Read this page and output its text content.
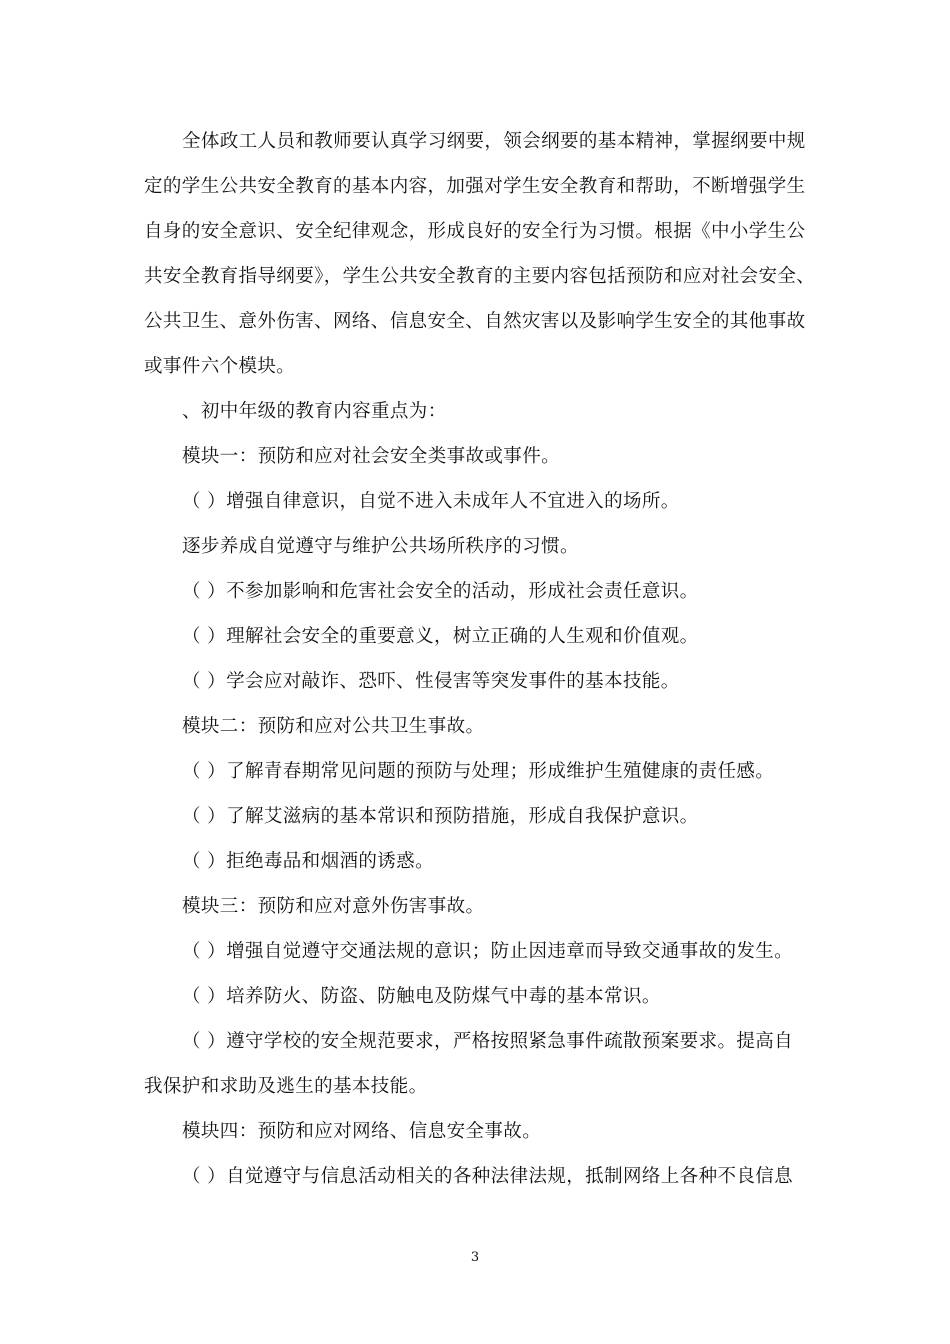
全体政工人员和教师要认真学习纲要，领会纲要的基本精神，掌握纲要中规
定的学生公共安全教育的基本内容，加强对学生安全教育和帮助，不断增强学生
自身的安全意识、安全纪律观念，形成良好的安全行为习惯。根据《中小学生公
共安全教育指导纲要》，学生公共安全教育的主要内容包括预防和应对社会安全、
公共卫生、意外伤害、网络、信息安全、自然灾害以及影响学生安全的其他事故
或事件六个模块。
、初中年级的教育内容重点为：
模块一：预防和应对社会安全类事故或事件。
（ ）增强自律意识，自觉不进入未成年人不宜进入的场所。
逐步养成自觉遵守与维护公共场所秩序的习惯。
（ ）不参加影响和危害社会安全的活动，形成社会责任意识。
（ ）理解社会安全的重要意义，树立正确的人生观和价值观。
（ ）学会应对敲诈、恐吓、性侵害等突发事件的基本技能。
模块二：预防和应对公共卫生事故。
（ ）了解青春期常见问题的预防与处理；形成维护生殖健康的责任感。
（ ）了解艾滋病的基本常识和预防措施，形成自我保护意识。
（ ）拒绝毒品和烟酒的诱惑。
模块三：预防和应对意外伤害事故。
（ ）增强自觉遵守交通法规的意识；防止因违章而导致交通事故的发生。
（ ）培养防火、防盗、防触电及防煤气中毒的基本常识。
（ ）遵守学校的安全规范要求，严格按照紧急事件疏散预案要求。提高自
我保护和求助及逃生的基本技能。
模块四：预防和应对网络、信息安全事故。
（ ）自觉遵守与信息活动相关的各种法律法规，抵制网络上各种不良信息
3
